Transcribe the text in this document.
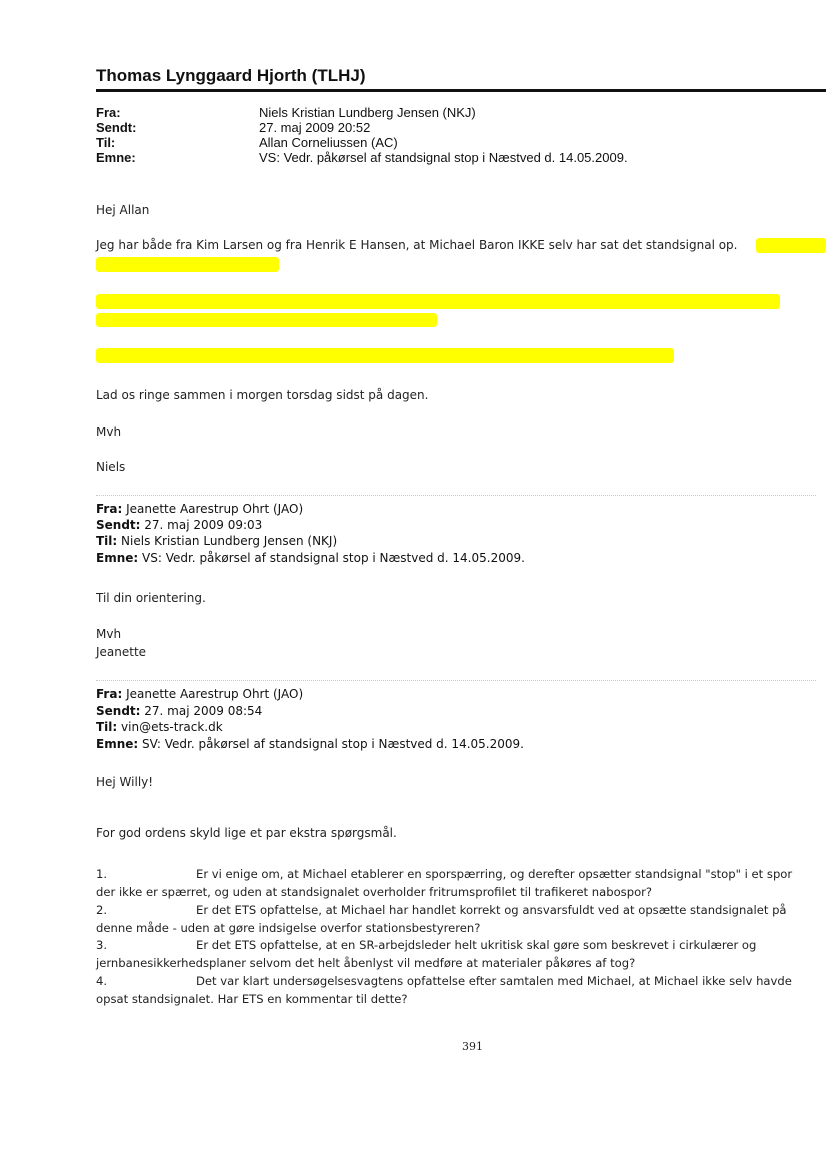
Thomas Lynggaard Hjorth (TLHJ)
Fra:	Niels Kristian Lundberg Jensen (NKJ)
Sendt:	27. maj 2009 20:52
Til:	Allan Corneliussen (AC)
Emne:	VS: Vedr. påkørsel af standsignal stop i Næstved d. 14.05.2009.
Hej Allan
Jeg har både fra Kim Larsen og fra Henrik E Hansen, at Michael Baron IKKE selv har sat det standsignal op.
Lad os ringe sammen i morgen torsdag sidst på dagen.
Mvh
Niels
Fra: Jeanette Aarestrup Ohrt (JAO)
Sendt: 27. maj 2009 09:03
Til: Niels Kristian Lundberg Jensen (NKJ)
Emne: VS: Vedr. påkørsel af standsignal stop i Næstved d. 14.05.2009.
Til din orientering.
Mvh
Jeanette
Fra: Jeanette Aarestrup Ohrt (JAO)
Sendt: 27. maj 2009 08:54
Til: vin@ets-track.dk
Emne: SV: Vedr. påkørsel af standsignal stop i Næstved d. 14.05.2009.
Hej Willy!
For god ordens skyld lige et par ekstra spørgsmål.
1.	Er vi enige om, at Michael etablerer en sporspærring, og derefter opsætter standsignal "stop" i et spor
der ikke er spærret, og uden at standsignalet overholder fritrumsprofilet til trafikeret nabospor?
2.	Er det ETS opfattelse, at Michael har handlet korrekt og ansvarsfuldt ved at opsætte standsignalet på
denne måde - uden at gøre indsigelse overfor stationsbestyreren?
3.	Er det ETS opfattelse, at en SR-arbejdsleder helt ukritisk skal gøre som beskrevet i cirkulærer og
jernbanesikkerhedsplaner selvom det helt åbenlyst vil medføre at materialer påkøres af tog?
4.	Det var klart undersøgelsesvagtens opfattelse efter samtalen med Michael, at Michael ikke selv havde
opsat standsignalet. Har ETS en kommentar til dette?
391
